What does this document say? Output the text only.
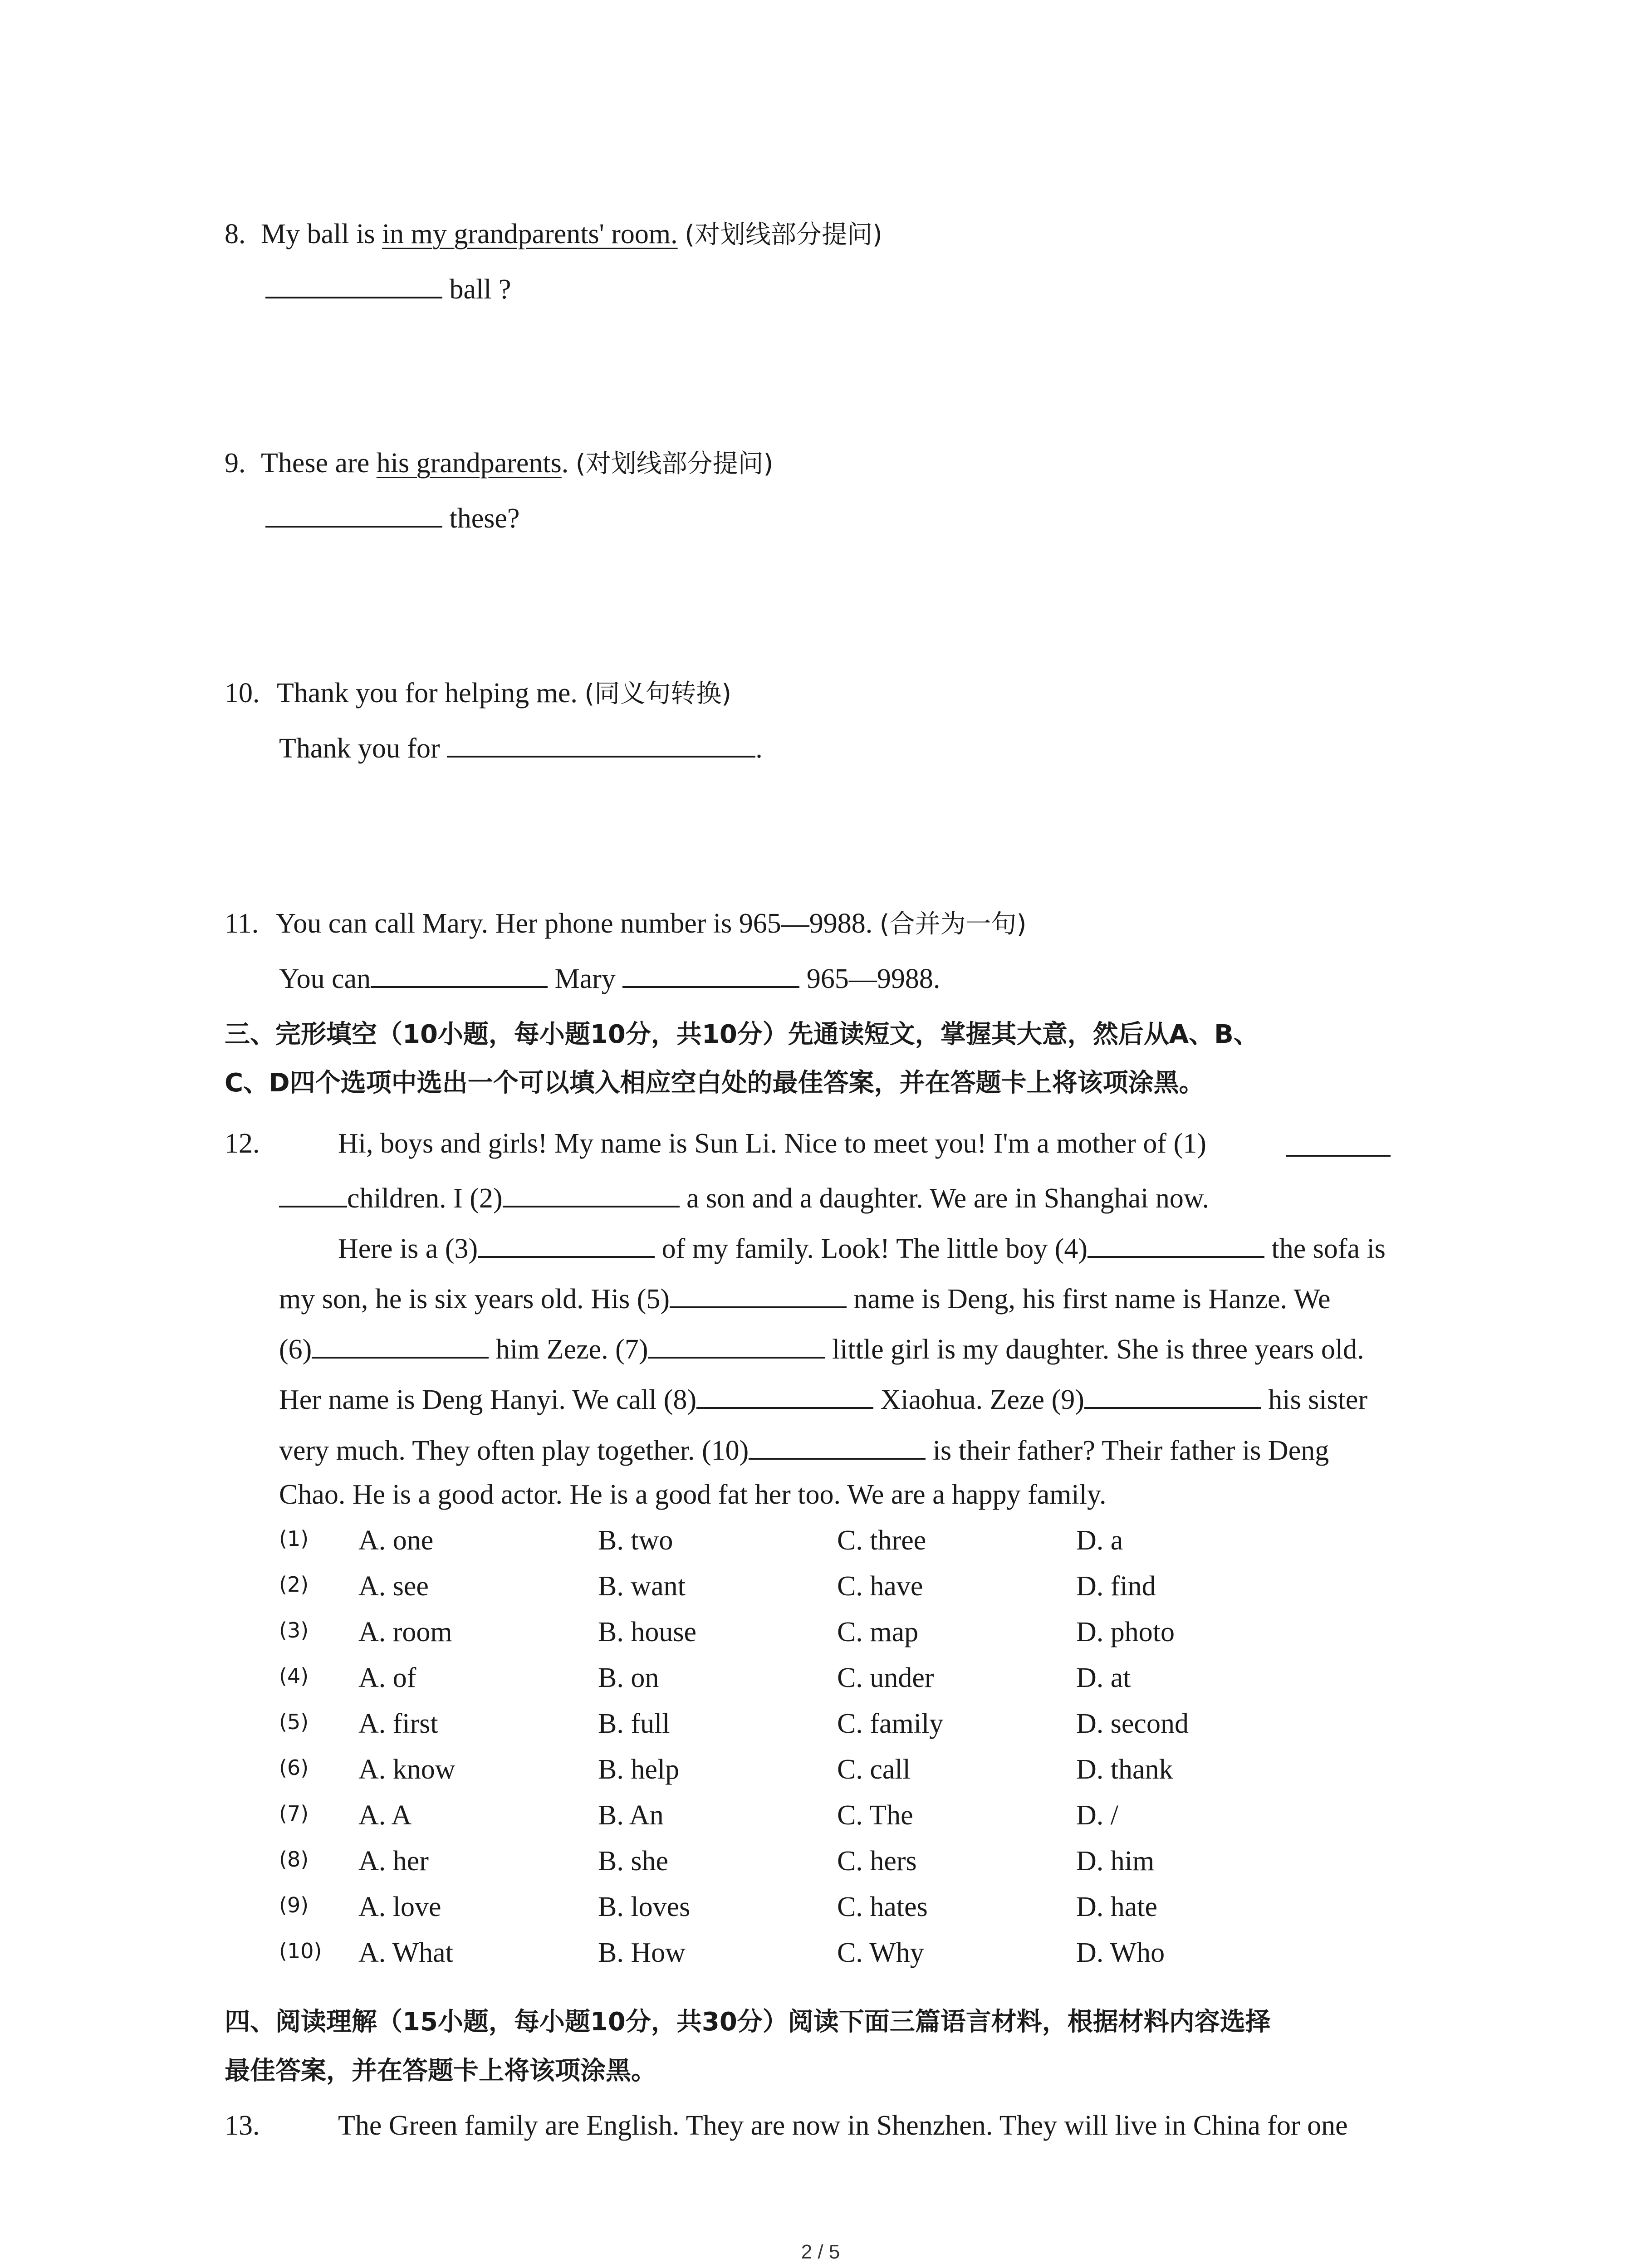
8. My ball is in my grandparents' room. (对划线部分提问)
ball ?
9. These are his grandparents. (对划线部分提问)
these?
10. Thank you for helping me. (同义句转换)
Thank you for	.
11. You can call Mary. Her phone number is 965—9988. (合并为一句)
You can	Mary	965—9988.
三、完形填空（10小题，每小题10分，共10分）先通读短文，掌握其大意，然后从A、B、
C、D四个选项中选出一个可以填入相应空白处的最佳答案，并在答题卡上将该项涂黑。
12.	Hi, boys and girls! My name is Sun Li. Nice to meet you! I'm a mother of (1)
children. I (2)	a son and a daughter. We are in Shanghai now.
Here is a (3)	of my family. Look! The little boy (4)	the sofa is
my son, he is six years old. His (5)	name is Deng, his first name is Hanze. We
(6)	him Zeze. (7)	little girl is my daughter. She is three years old.
Her name is Deng Hanyi. We call (8)	Xiaohua. Zeze (9)	his sister
very much. They often play together. (10)	is their father? Their father is Deng
Chao. He is a good actor. He is a good fat her too. We are a happy family.
(1) A. one	B. two	C. three	D. a
(2) A. see	B. want	C. have	D. find
(3) A. room	B. house	C. map	D. photo
(4) A. of	B. on	C. under	D. at
(5) A. first	B. full	C. family	D. second
(6) A. know	B. help	C. call	D. thank
(7) A. A	B. An	C. The	D. /
(8) A. her	B. she	C. hers	D. him
(9) A. love	B. loves	C. hates	D. hate
(10) A. What	B. How	C. Why	D. Who
四、阅读理解（15小题，每小题10分，共30分）阅读下面三篇语言材料，根据材料内容选择
最佳答案，并在答题卡上将该项涂黑。
13.	The Green family are English. They are now in Shenzhen. They will live in China for one
2 / 5
